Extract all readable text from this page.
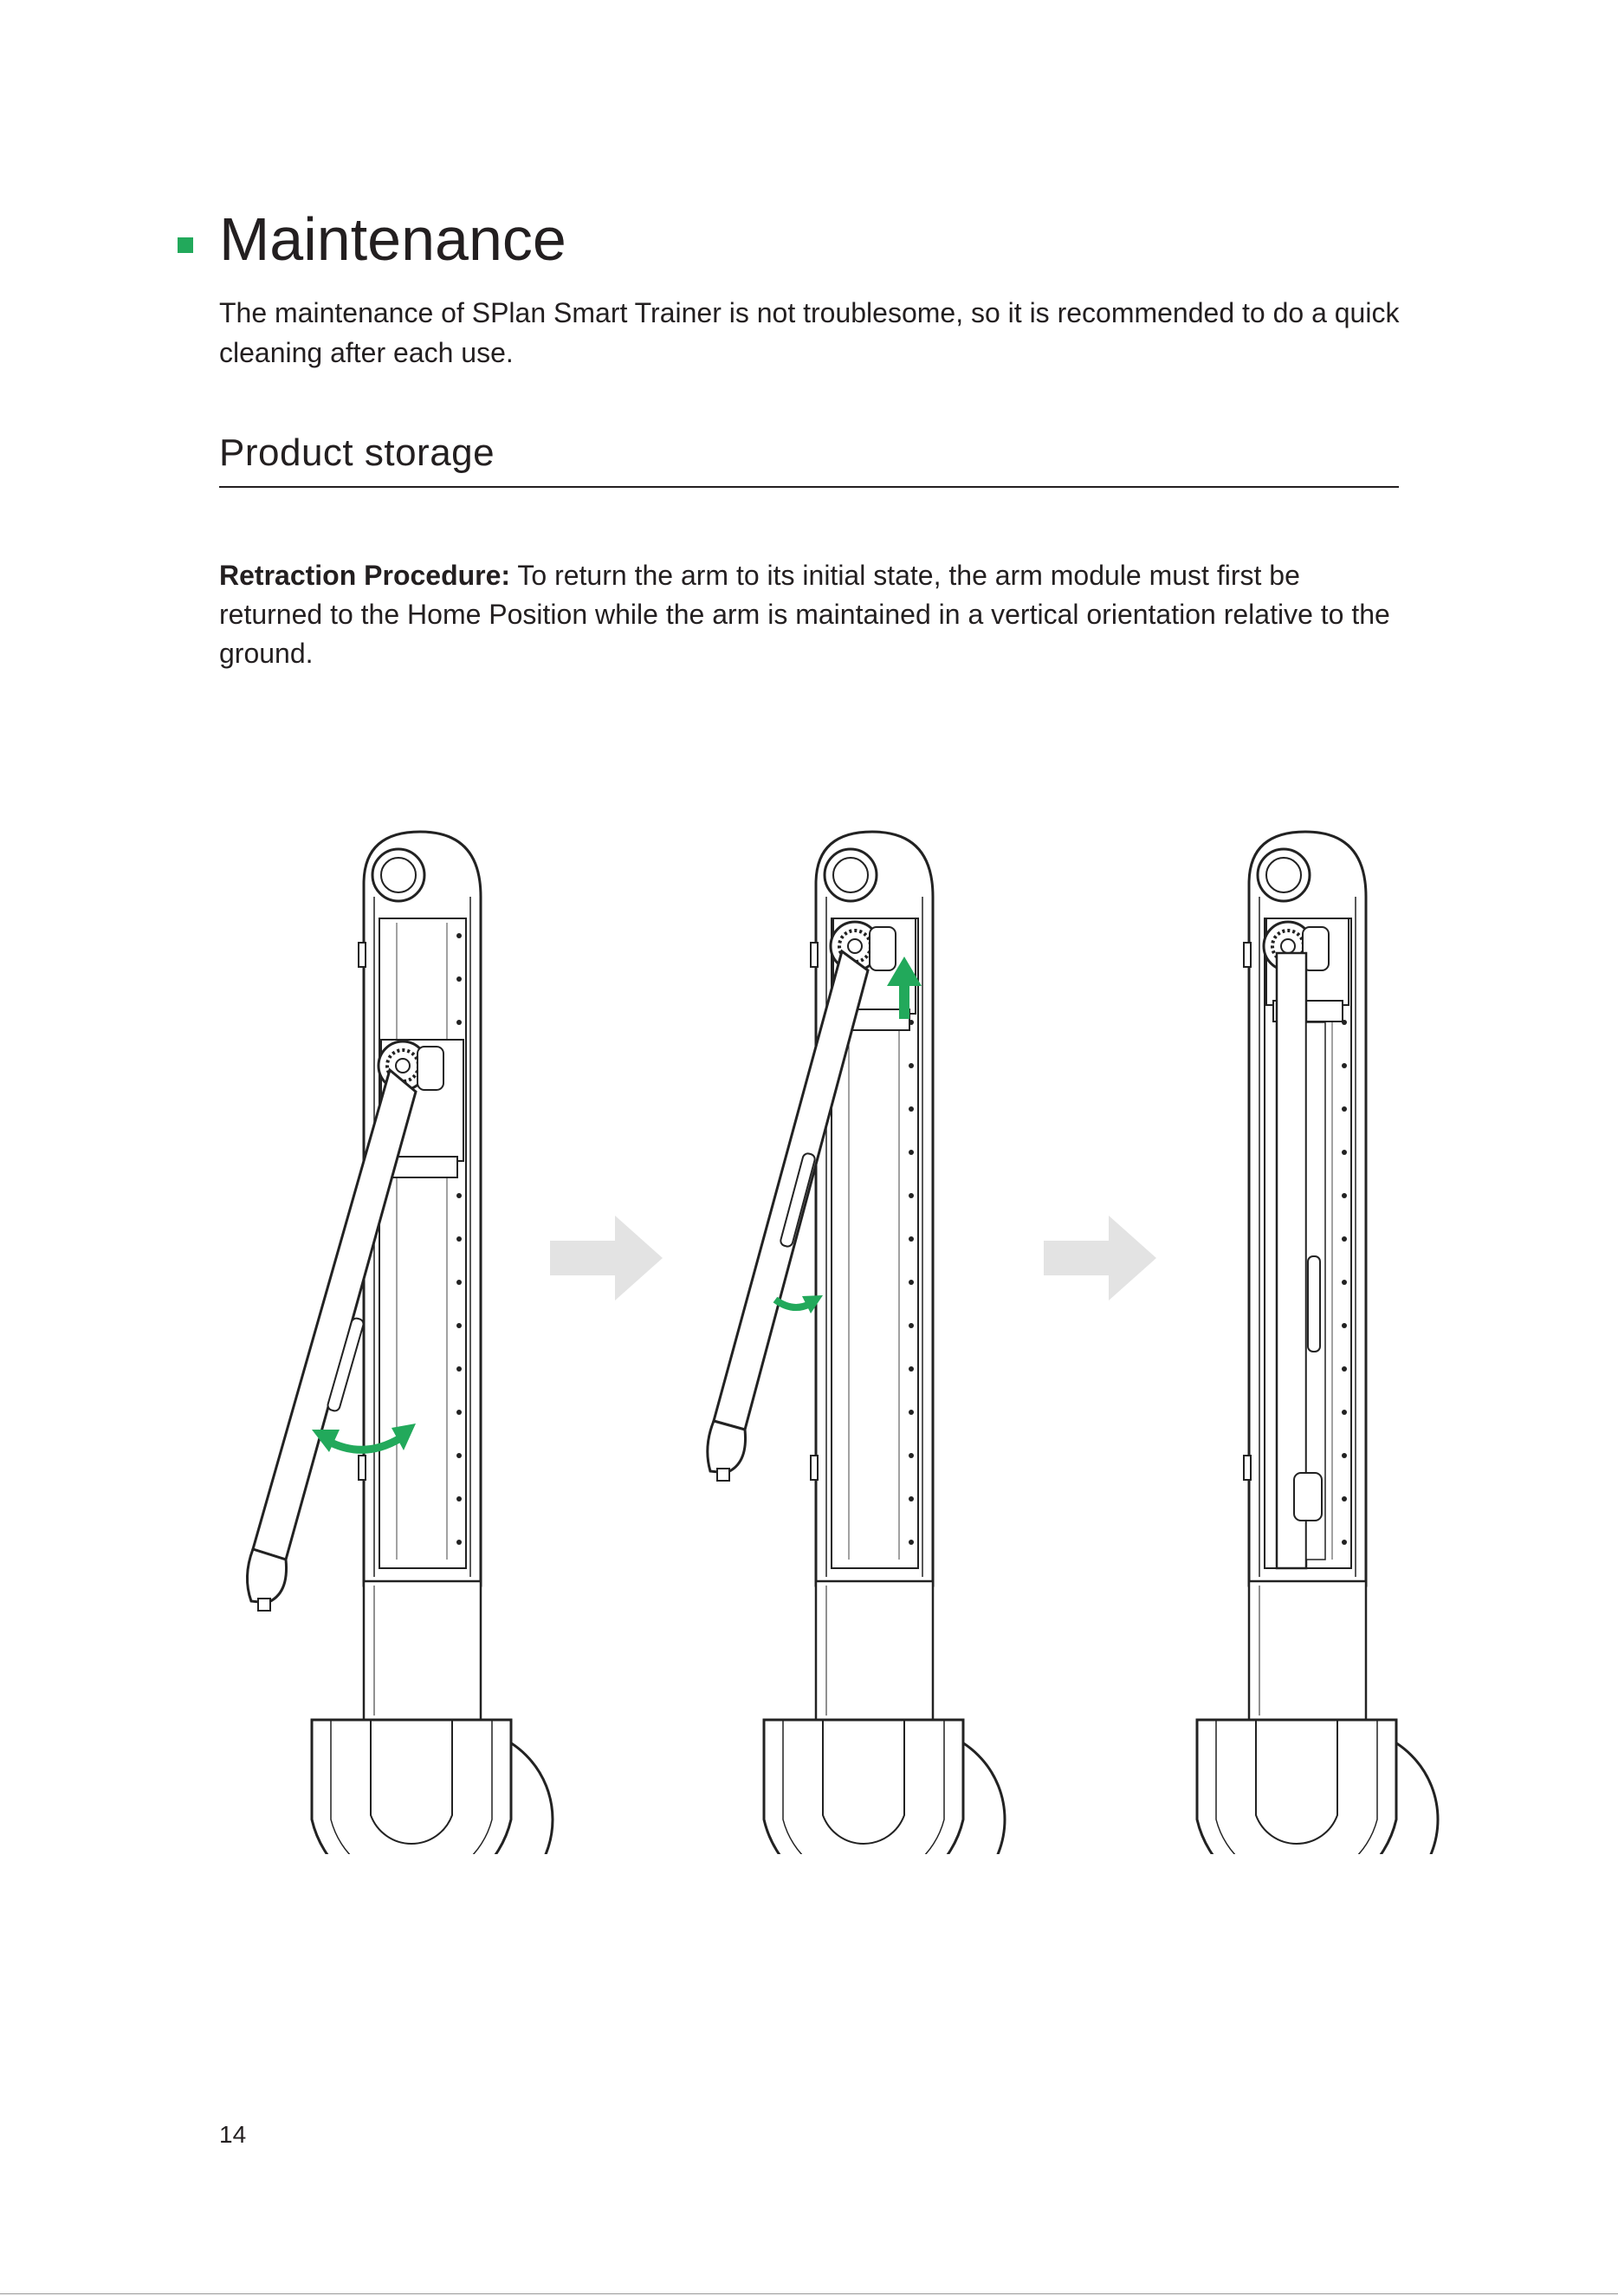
Maintenance

The maintenance of SPlan Smart Trainer is not troublesome, so it is recommended to do a quick cleaning after each use.

Product storage

Retraction Procedure: To return the arm to its initial state, the arm module must first be returned to the Home Position while the arm is maintained in a vertical orientation relative to the ground.

14
